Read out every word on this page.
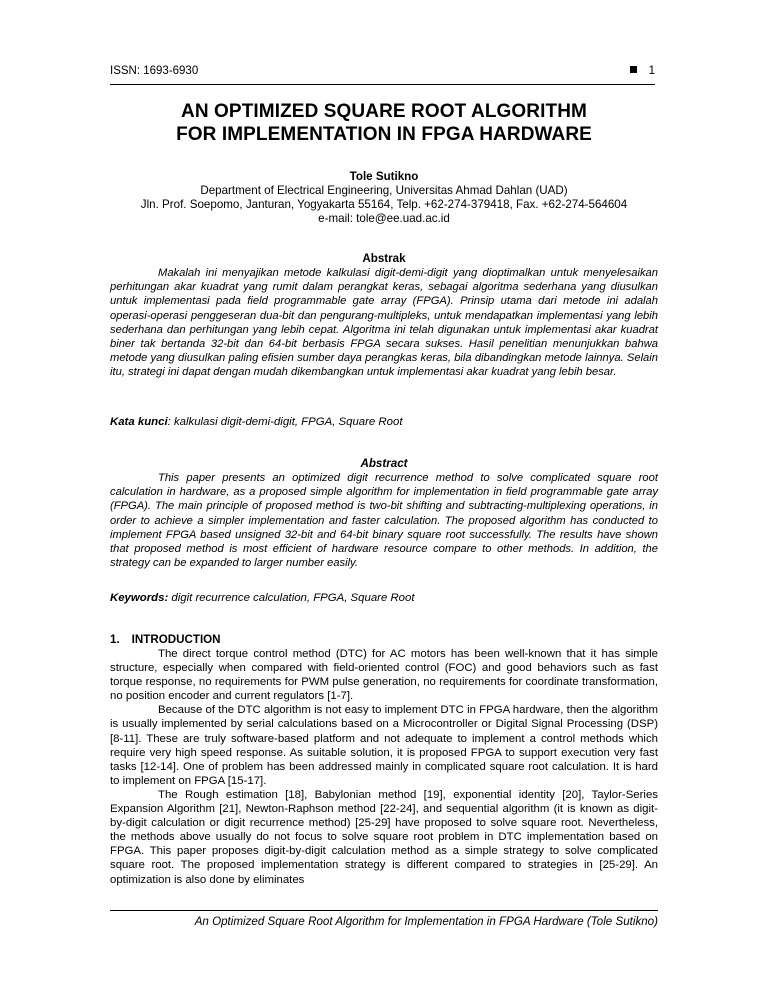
ISSN: 1693-6930	1
AN OPTIMIZED SQUARE ROOT ALGORITHM
FOR IMPLEMENTATION IN FPGA HARDWARE
Tole Sutikno
Department of Electrical Engineering, Universitas Ahmad Dahlan (UAD)
Jln. Prof. Soepomo, Janturan, Yogyakarta 55164, Telp. +62-274-379418, Fax. +62-274-564604
e-mail: tole@ee.uad.ac.id
Abstrak
Makalah ini menyajikan metode kalkulasi digit-demi-digit yang dioptimalkan untuk menyelesaikan perhitungan akar kuadrat yang rumit dalam perangkat keras, sebagai algoritma sederhana yang diusulkan untuk implementasi pada field programmable gate array (FPGA). Prinsip utama dari metode ini adalah operasi-operasi penggeseran dua-bit dan pengurang-multipleks, untuk mendapatkan implementasi yang lebih sederhana dan perhitungan yang lebih cepat. Algoritma ini telah digunakan untuk implementasi akar kuadrat biner tak bertanda 32-bit dan 64-bit berbasis FPGA secara sukses. Hasil penelitian menunjukkan bahwa metode yang diusulkan paling efisien sumber daya perangkas keras, bila dibandingkan metode lainnya. Selain itu, strategi ini dapat dengan mudah dikembangkan untuk implementasi akar kuadrat yang lebih besar.
Kata kunci: kalkulasi digit-demi-digit, FPGA, Square Root
Abstract
This paper presents an optimized digit recurrence method to solve complicated square root calculation in hardware, as a proposed simple algorithm for implementation in field programmable gate array (FPGA). The main principle of proposed method is two-bit shifting and subtracting-multiplexing operations, in order to achieve a simpler implementation and faster calculation. The proposed algorithm has conducted to implement FPGA based unsigned 32-bit and 64-bit binary square root successfully. The results have shown that proposed method is most efficient of hardware resource compare to other methods. In addition, the strategy can be expanded to larger number easily.
Keywords: digit recurrence calculation, FPGA, Square Root
1. INTRODUCTION

The direct torque control method (DTC) for AC motors has been well-known that it has simple structure, especially when compared with field-oriented control (FOC) and good behaviors such as fast torque response, no requirements for PWM pulse generation, no requirements for coordinate transformation, no position encoder and current regulators [1-7].

Because of the DTC algorithm is not easy to implement DTC in FPGA hardware, then the algorithm is usually implemented by serial calculations based on a Microcontroller or Digital Signal Processing (DSP) [8-11]. These are truly software-based platform and not adequate to implement a control methods which require very high speed response. As suitable solution, it is proposed FPGA to support execution very fast tasks [12-14]. One of problem has been addressed mainly in complicated square root calculation. It is hard to implement on FPGA [15-17].

The Rough estimation [18], Babylonian method [19], exponential identity [20], Taylor-Series Expansion Algorithm [21], Newton-Raphson method [22-24], and sequential algorithm (it is known as digit-by-digit calculation or digit recurrence method) [25-29] have proposed to solve square root. Nevertheless, the methods above usually do not focus to solve square root problem in DTC implementation based on FPGA. This paper proposes digit-by-digit calculation method as a simple strategy to solve complicated square root. The proposed implementation strategy is different compared to strategies in [25-29]. An optimization is also done by eliminates

An Optimized Square Root Algorithm for Implementation in FPGA Hardware (Tole Sutikno)
